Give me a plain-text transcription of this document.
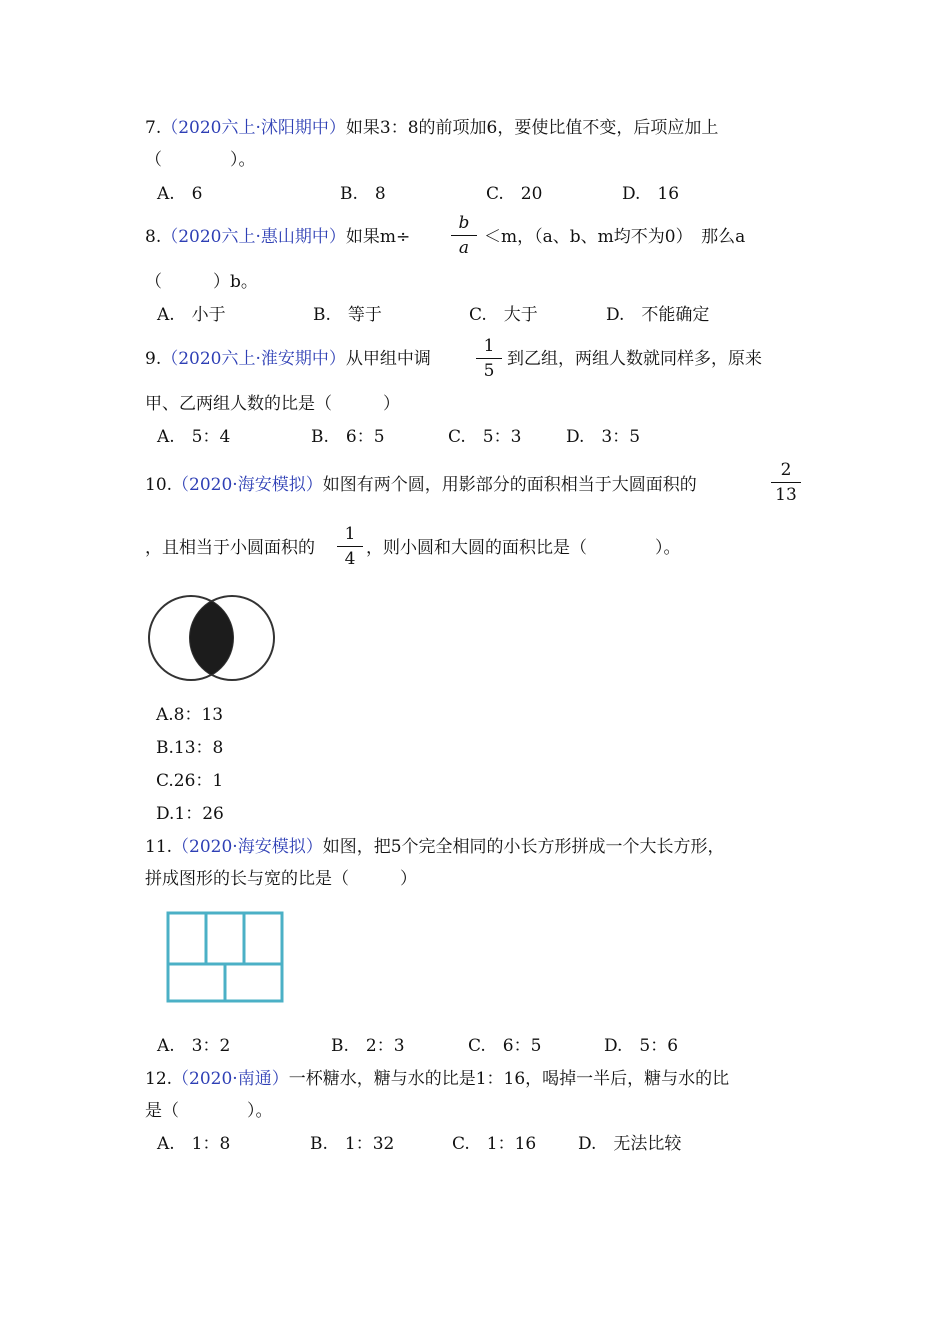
7.（2020六上·沭阳期中）如果3：8的前项加6，要使比值不变，后项应加上
（　　　　）。
A.　6	B.　8	C.　20	D.　16
8.（2020六上·惠山期中）如果m÷
b
a
＜m，（a、b、m均不为0）　那么a
（　　　）b。
A.　小于	B.　等于	C.　大于	D.　不能确定
9.（2020六上·淮安期中）从甲组中调
1
5
到乙组，两组人数就同样多，原来
甲、乙两组人数的比是（　　　）
A.　5：4	B.　6：5	C.　5：3	D.　3：5
10.（2020·海安模拟）如图有两个圆，用影部分的面积相当于大圆面积的
2
13
，且相当于小圆面积的
1
4
，则小圆和大圆的面积比是（　　　　）。
A.8：13
B.13：8
C.26：1
D.1：26
11.（2020·海安模拟）如图，把5个完全相同的小长方形拼成一个大长方形，
拼成图形的长与宽的比是（　　　）
A.　3：2	B.　2：3	C.　6：5	D.　5：6
12.（2020·南通）一杯糖水，糖与水的比是1：16，喝掉一半后，糖与水的比
是（　　　　）。
A.　1：8	B.　1：32	C.　1：16 D.　无法比较
